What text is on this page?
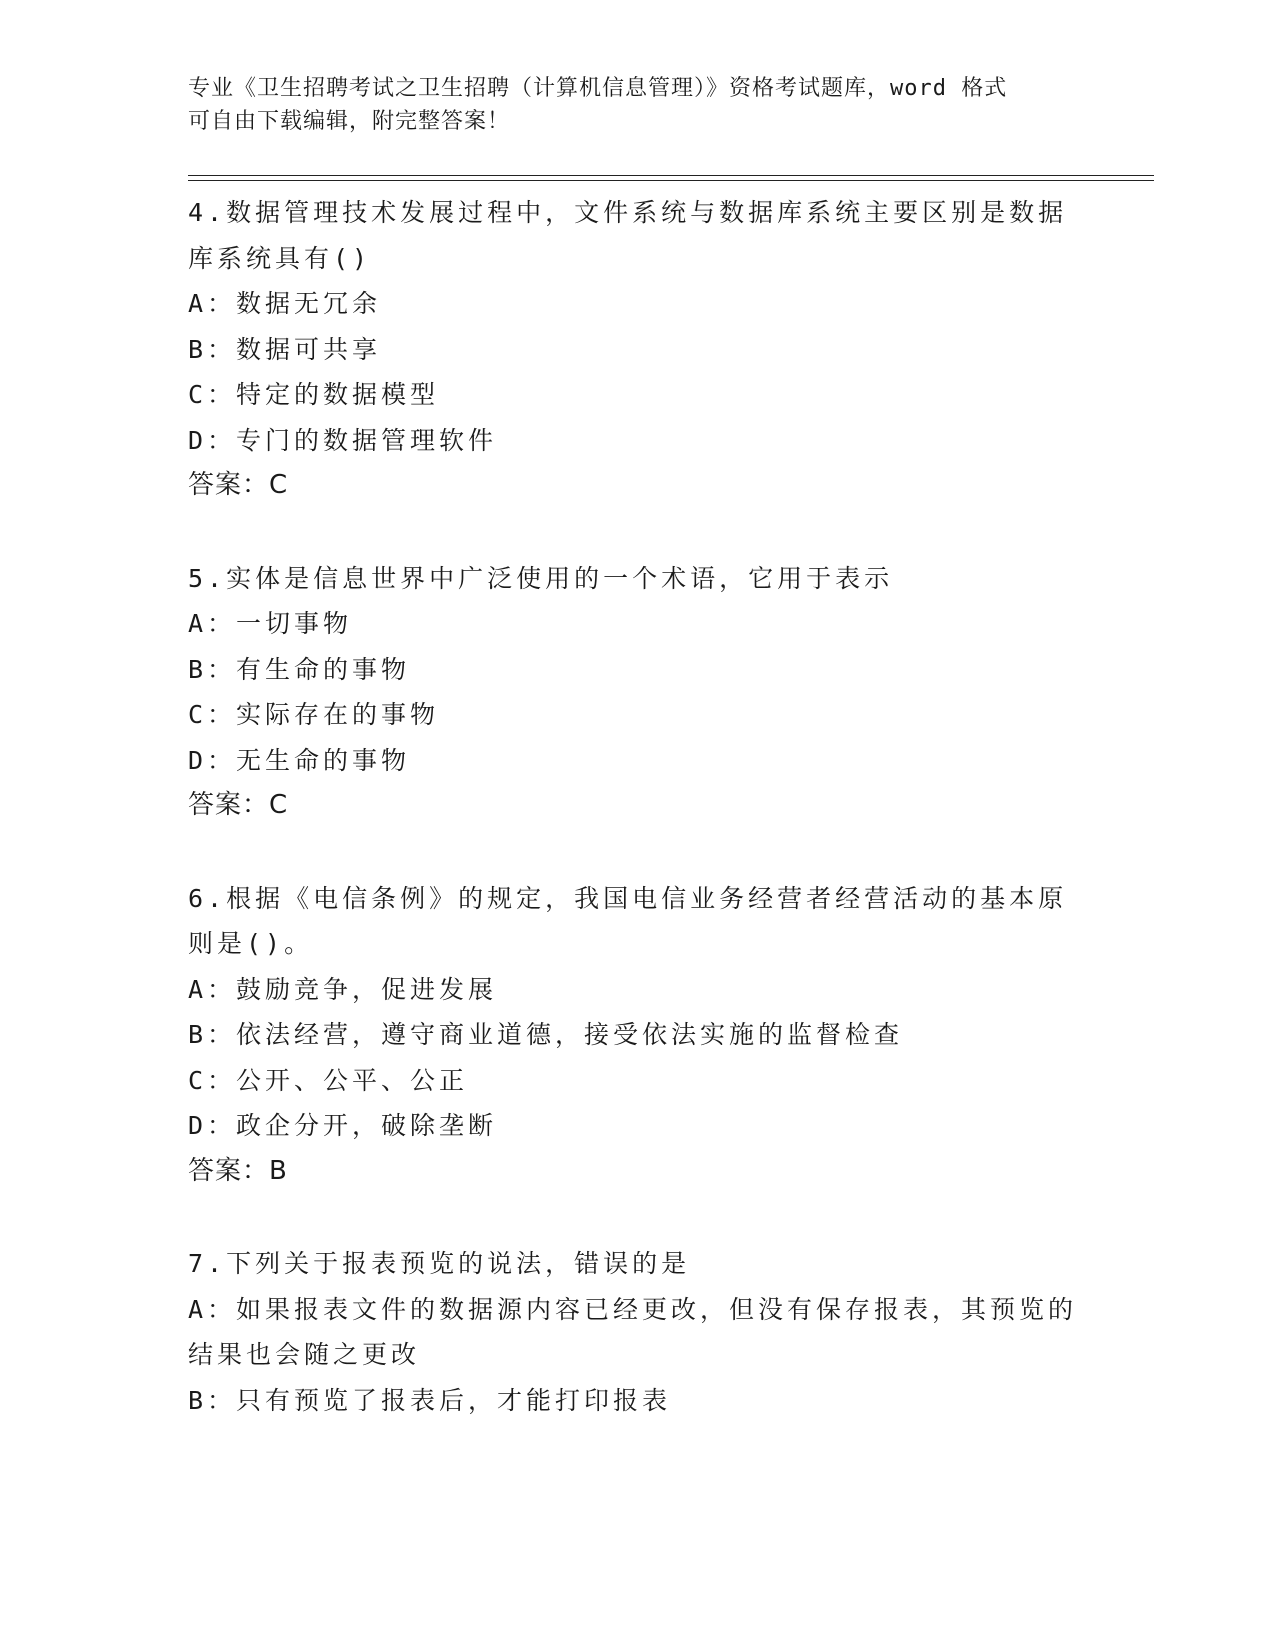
专业《卫生招聘考试之卫生招聘（计算机信息管理）》资格考试题库，word 格式
可自由下载编辑，附完整答案！
4.数据管理技术发展过程中，文件系统与数据库系统主要区别是数据
库系统具有()
A：数据无冗余
B：数据可共享
C：特定的数据模型
D：专门的数据管理软件
答案：C
5.实体是信息世界中广泛使用的一个术语，它用于表示
A：一切事物
B：有生命的事物
C：实际存在的事物
D：无生命的事物
答案：C
6.根据《电信条例》的规定，我国电信业务经营者经营活动的基本原
则是()。
A：鼓励竞争，促进发展
B：依法经营，遵守商业道德，接受依法实施的监督检查
C：公开、公平、公正
D：政企分开，破除垄断
答案：B
7.下列关于报表预览的说法，错误的是
A：如果报表文件的数据源内容已经更改，但没有保存报表，其预览的
结果也会随之更改
B：只有预览了报表后，才能打印报表
